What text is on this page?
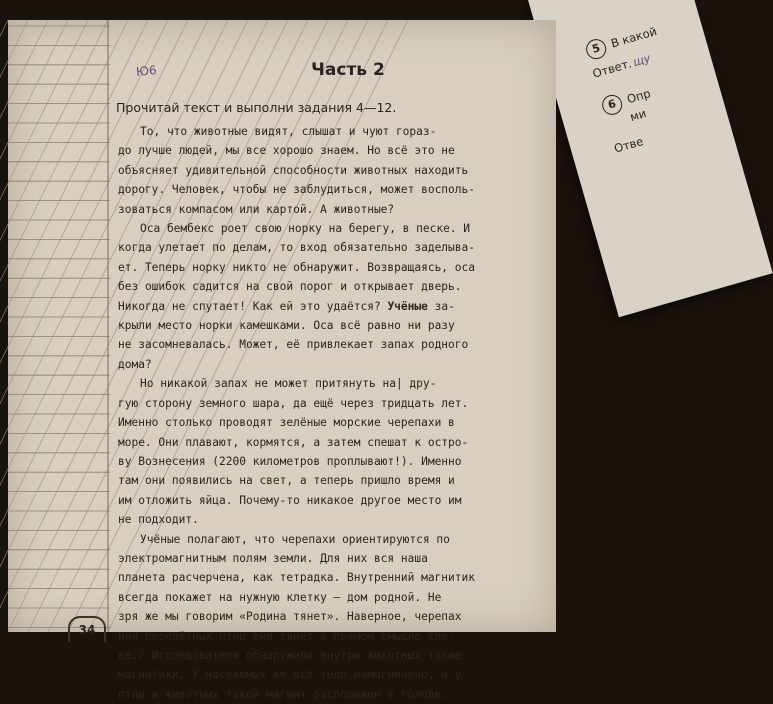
5 В какой
Ответ.щу
6 Опр
ми
Отве
Ю6	Часть 2
Прочитай текст и выполни задания 4—12.

То, что животные видят, слышат и чуют гораз-
до лучше людей, мы все хорошо знаем. Но всё это не
объясняет удивительной способности животных находить
дорогу. Человек, чтобы не заблудиться, может восполь-
зоваться компасом или картой. А животные?

Оса бембекс роет свою норку на берегу, в песке. И
когда улетает по делам, то вход обязательно заделыва-
ет. Теперь норку никто не обнаружит. Возвращаясь, оса
без ошибок садится на свой порог и открывает дверь.
Никогда не спутает! Как ей это удаётся? Учёные за-
крыли место норки камешками. Оса всё равно ни разу
не засомневалась. Может, её привлекает запах родного
дома?

Но никакой запах не может притянуть на| дру-
гую сторону земного шара, да ещё через тридцать лет.
Именно столько проводят зелёные морские черепахи в
море. Они плавают, кормятся, а затем спешат к остро-
ву Вознесения (2200 километров проплывают!). Именно
там они появились на свет, а теперь пришло время и
им отложить яйца. Почему-то никакое другое место им
не подходит.

Учёные полагают, что черепахи ориентируются по
электромагнитным полям земли. Для них вся наша
планета расчерчена, как тетрадка. Внутренний магнитик
всегда покажет на нужную клетку — дом родной. Не
зря же мы говорим «Родина тянет». Наверное, черепах
или перелётных птиц она тянет в прямом смысле сло-
ва./ Исследователи обнаружили внутри животных такие
магнитики. У насекомых же всё тело намагничено, а у
птиц и животных такой магнит расположен в голове.

34
